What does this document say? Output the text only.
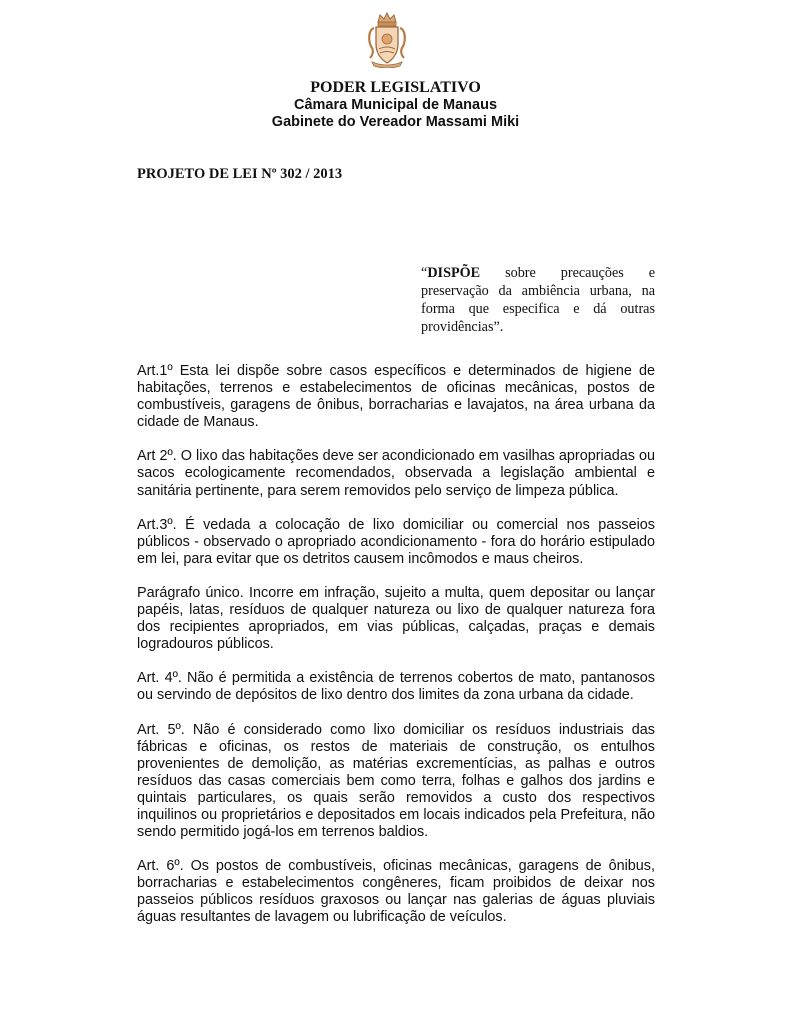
PODER LEGISLATIVO
Câmara Municipal de Manaus
Gabinete do Vereador Massami Miki
PROJETO DE LEI Nº 302 / 2013
“DISPÕE sobre precauções e preservação da ambiência urbana, na forma que especifica e dá outras providências”.

Art.1º Esta lei dispõe sobre casos específicos e determinados de higiene de habitações, terrenos e estabelecimentos de oficinas mecânicas, postos de combustíveis, garagens de ônibus, borracharias e lavajatos, na área urbana da cidade de Manaus.

Art 2º. O lixo das habitações deve ser acondicionado em vasilhas apropriadas ou sacos ecologicamente recomendados, observada a legislação ambiental e sanitária pertinente, para serem removidos pelo serviço de limpeza pública.

Art.3º. É vedada a colocação de lixo domiciliar ou comercial nos passeios públicos - observado o apropriado acondicionamento - fora do horário estipulado em lei, para evitar que os detritos causem incômodos e maus cheiros.

Parágrafo único. Incorre em infração, sujeito a multa, quem depositar ou lançar papéis, latas, resíduos de qualquer natureza ou lixo de qualquer natureza fora dos recipientes apropriados, em vias públicas, calçadas, praças e demais logradouros públicos.

Art. 4º. Não é permitida a existência de terrenos cobertos de mato, pantanosos ou servindo de depósitos de lixo dentro dos limites da zona urbana da cidade.

Art. 5º. Não é considerado como lixo domiciliar os resíduos industriais das fábricas e oficinas, os restos de materiais de construção, os entulhos provenientes de demolição, as matérias excrementícias, as palhas e outros resíduos das casas comerciais bem como terra, folhas e galhos dos jardins e quintais particulares, os quais serão removidos a custo dos respectivos inquilinos ou proprietários e depositados em locais indicados pela Prefeitura, não sendo permitido jogá-los em terrenos baldios.

Art. 6º. Os postos de combustíveis, oficinas mecânicas, garagens de ônibus, borracharias e estabelecimentos congêneres, ficam proibidos de deixar nos passeios públicos resíduos graxosos ou lançar nas galerias de águas pluviais águas resultantes de lavagem ou lubrificação de veículos.
